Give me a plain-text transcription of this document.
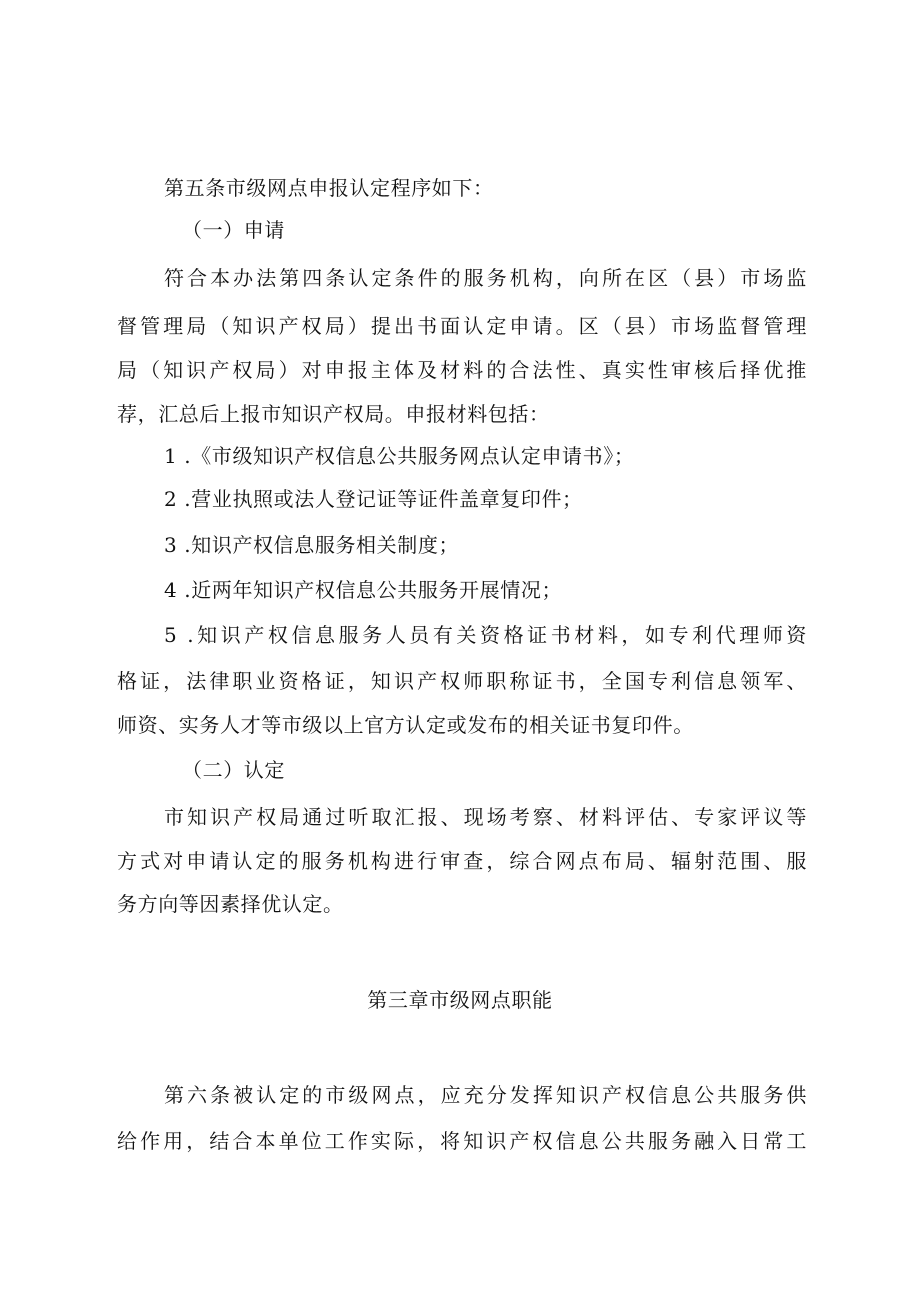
第五条市级网点申报认定程序如下：
（一）申请
符合本办法第四条认定条件的服务机构，向所在区（县）市场监
督管理局（知识产权局）提出书面认定申请。区（县）市场监督管理
局（知识产权局）对申报主体及材料的合法性、真实性审核后择优推
荐，汇总后上报市知识产权局。申报材料包括：
1 .《市级知识产权信息公共服务网点认定申请书》；
2 .营业执照或法人登记证等证件盖章复印件；
3 .知识产权信息服务相关制度；
4 .近两年知识产权信息公共服务开展情况；
5 .知识产权信息服务人员有关资格证书材料，如专利代理师资
格证，法律职业资格证，知识产权师职称证书，全国专利信息领军、
师资、实务人才等市级以上官方认定或发布的相关证书复印件。
（二）认定
市知识产权局通过听取汇报、现场考察、材料评估、专家评议等
方式对申请认定的服务机构进行审查，综合网点布局、辐射范围、服
务方向等因素择优认定。
第三章市级网点职能
第六条被认定的市级网点，应充分发挥知识产权信息公共服务供
给作用，结合本单位工作实际，将知识产权信息公共服务融入日常工
